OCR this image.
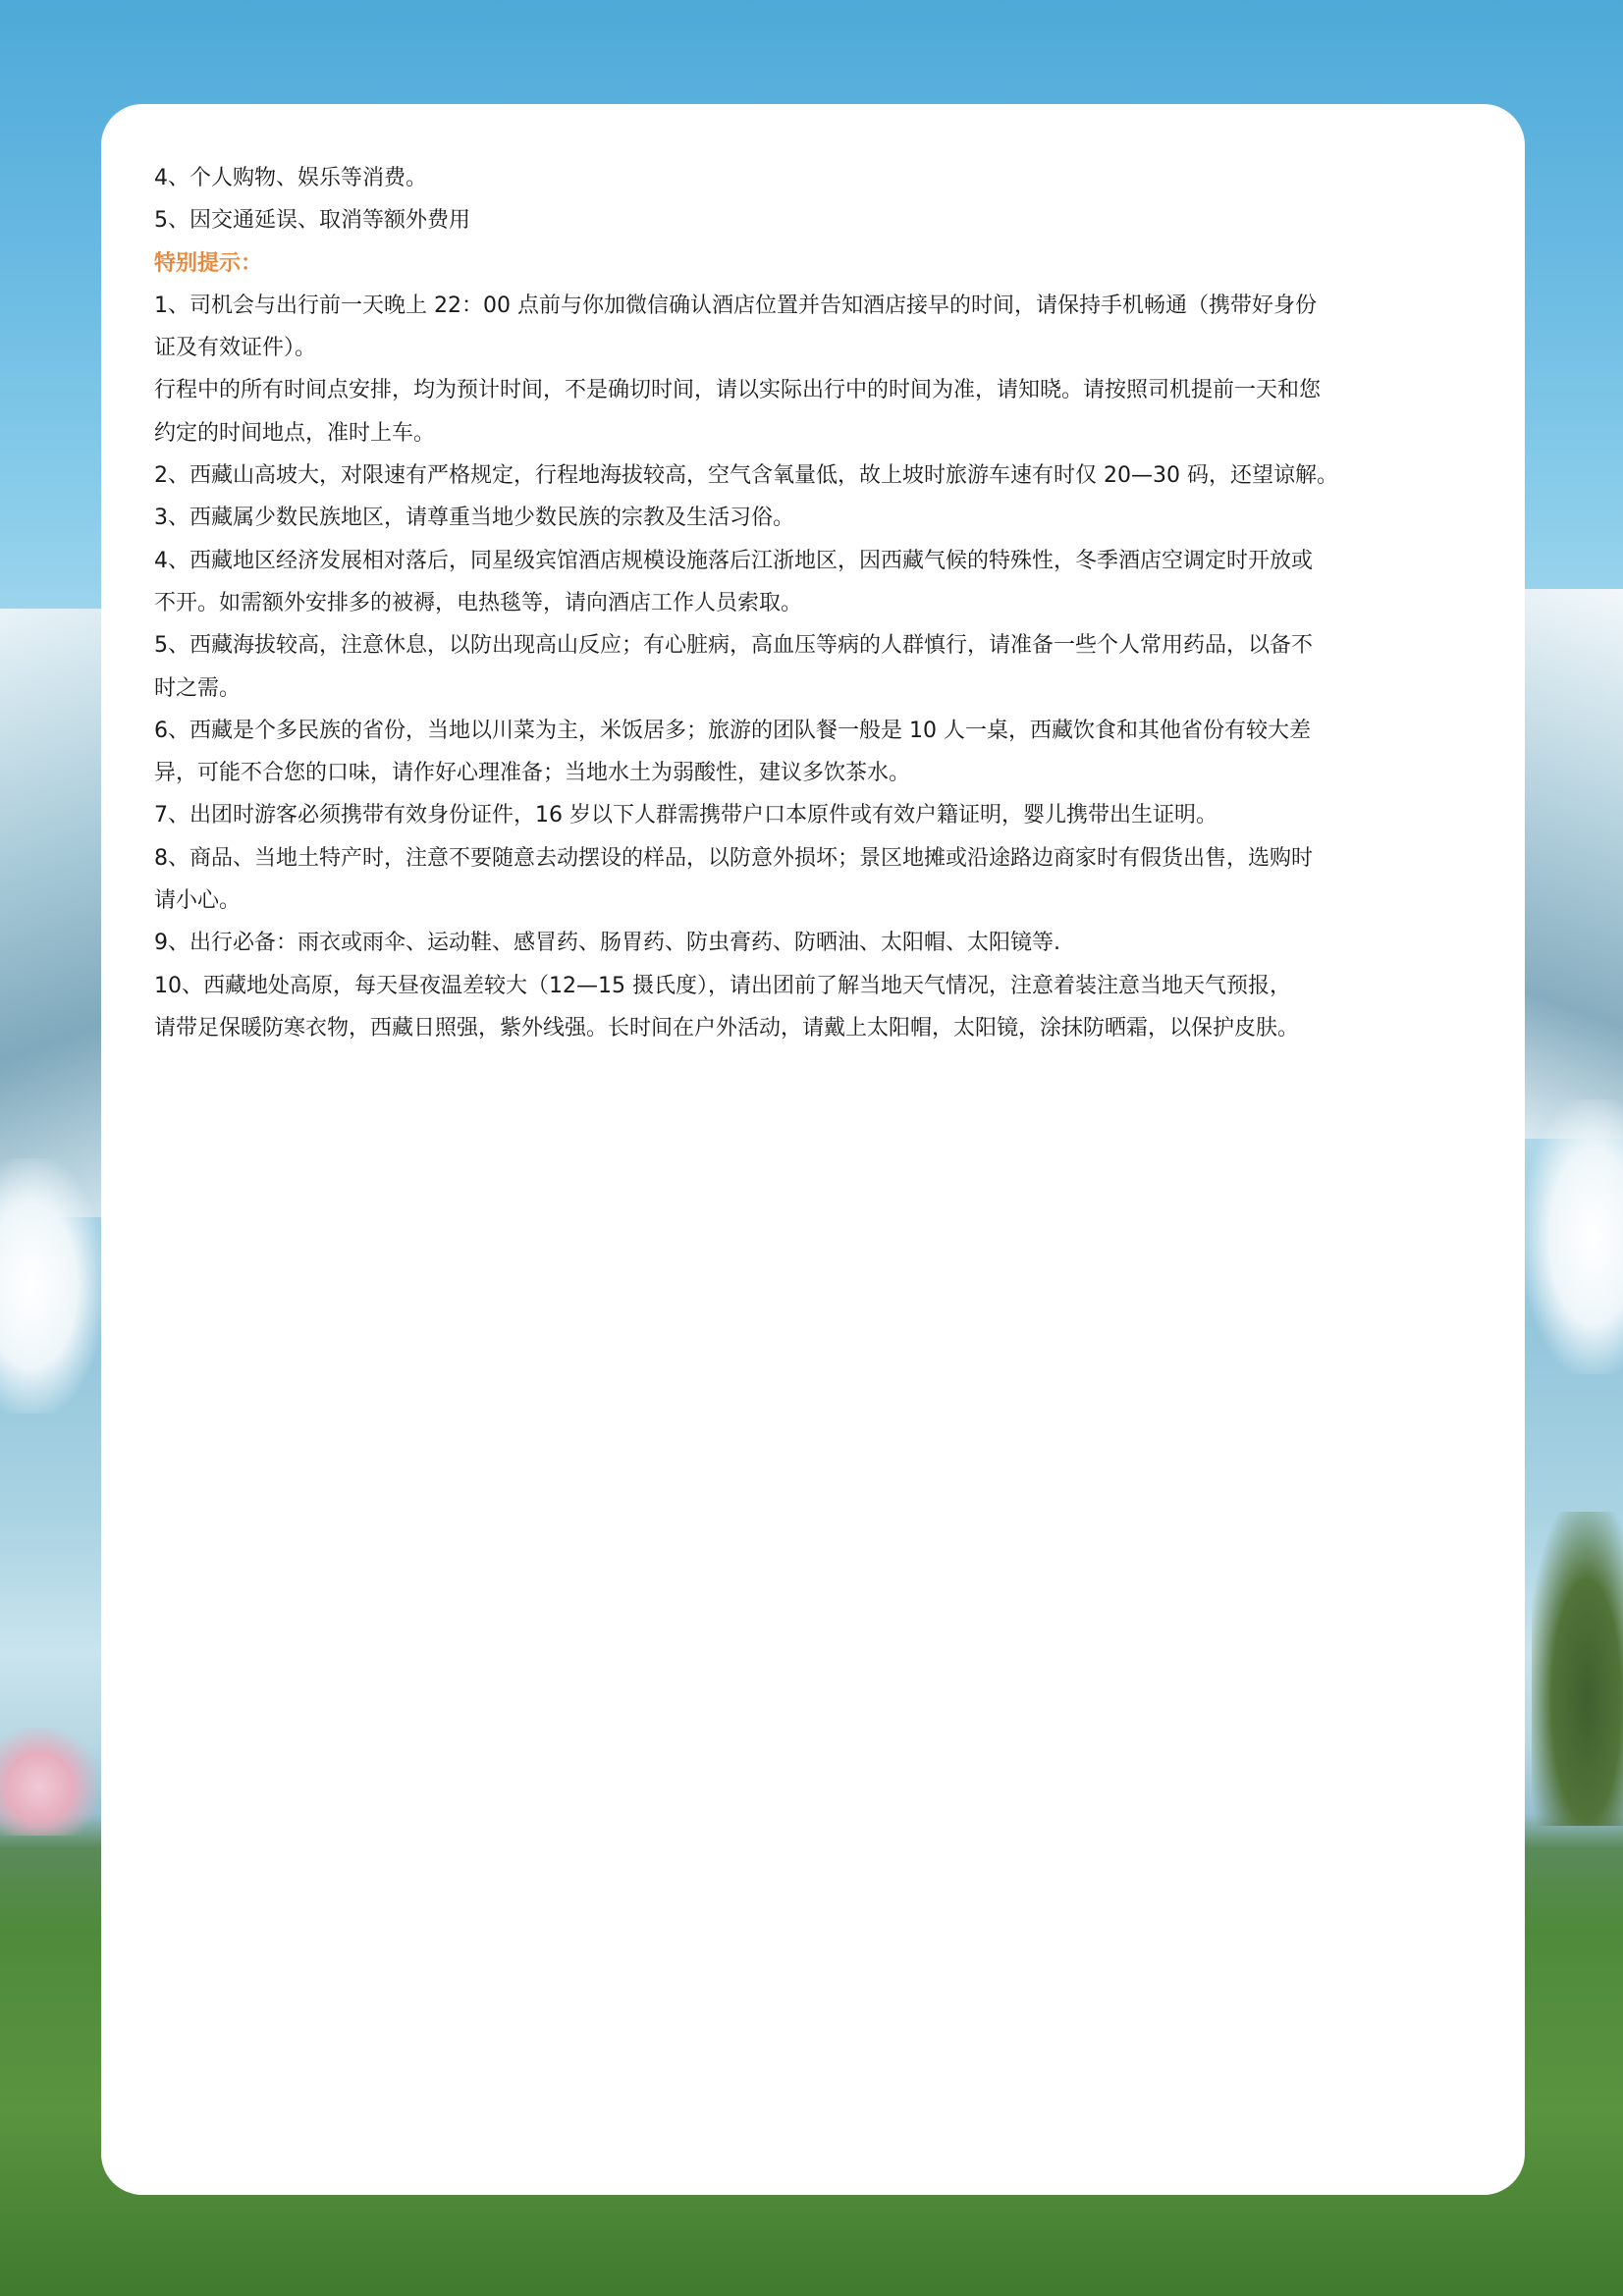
4、个人购物、娱乐等消费。

5、因交通延误、取消等额外费用

特别提示：

1、司机会与出行前一天晚上 22：00 点前与你加微信确认酒店位置并告知酒店接早的时间，请保持手机畅通（携带好身份

证及有效证件）。

行程中的所有时间点安排，均为预计时间，不是确切时间，请以实际出行中的时间为准，请知晓。请按照司机提前一天和您

约定的时间地点，准时上车。

2、西藏山高坡大，对限速有严格规定，行程地海拔较高，空气含氧量低，故上坡时旅游车速有时仅 20—30 码，还望谅解。

3、西藏属少数民族地区，请尊重当地少数民族的宗教及生活习俗。

4、西藏地区经济发展相对落后，同星级宾馆酒店规模设施落后江浙地区，因西藏气候的特殊性，冬季酒店空调定时开放或

不开。如需额外安排多的被褥，电热毯等，请向酒店工作人员索取。

5、西藏海拔较高，注意休息，以防出现高山反应；有心脏病，高血压等病的人群慎行，请准备一些个人常用药品，以备不

时之需。

6、西藏是个多民族的省份，当地以川菜为主，米饭居多；旅游的团队餐一般是 10 人一桌，西藏饮食和其他省份有较大差

异，可能不合您的口味，请作好心理准备；当地水土为弱酸性，建议多饮茶水。

7、出团时游客必须携带有效身份证件，16 岁以下人群需携带户口本原件或有效户籍证明，婴儿携带出生证明。

8、商品、当地土特产时，注意不要随意去动摆设的样品，以防意外损坏；景区地摊或沿途路边商家时有假货出售，选购时

请小心。

9、出行必备：雨衣或雨伞、运动鞋、感冒药、肠胃药、防虫膏药、防晒油、太阳帽、太阳镜等.

10、西藏地处高原，每天昼夜温差较大（12—15 摄氏度），请出团前了解当地天气情况，注意着装注意当地天气预报，

请带足保暖防寒衣物，西藏日照强，紫外线强。长时间在户外活动，请戴上太阳帽，太阳镜，涂抹防晒霜，以保护皮肤。
